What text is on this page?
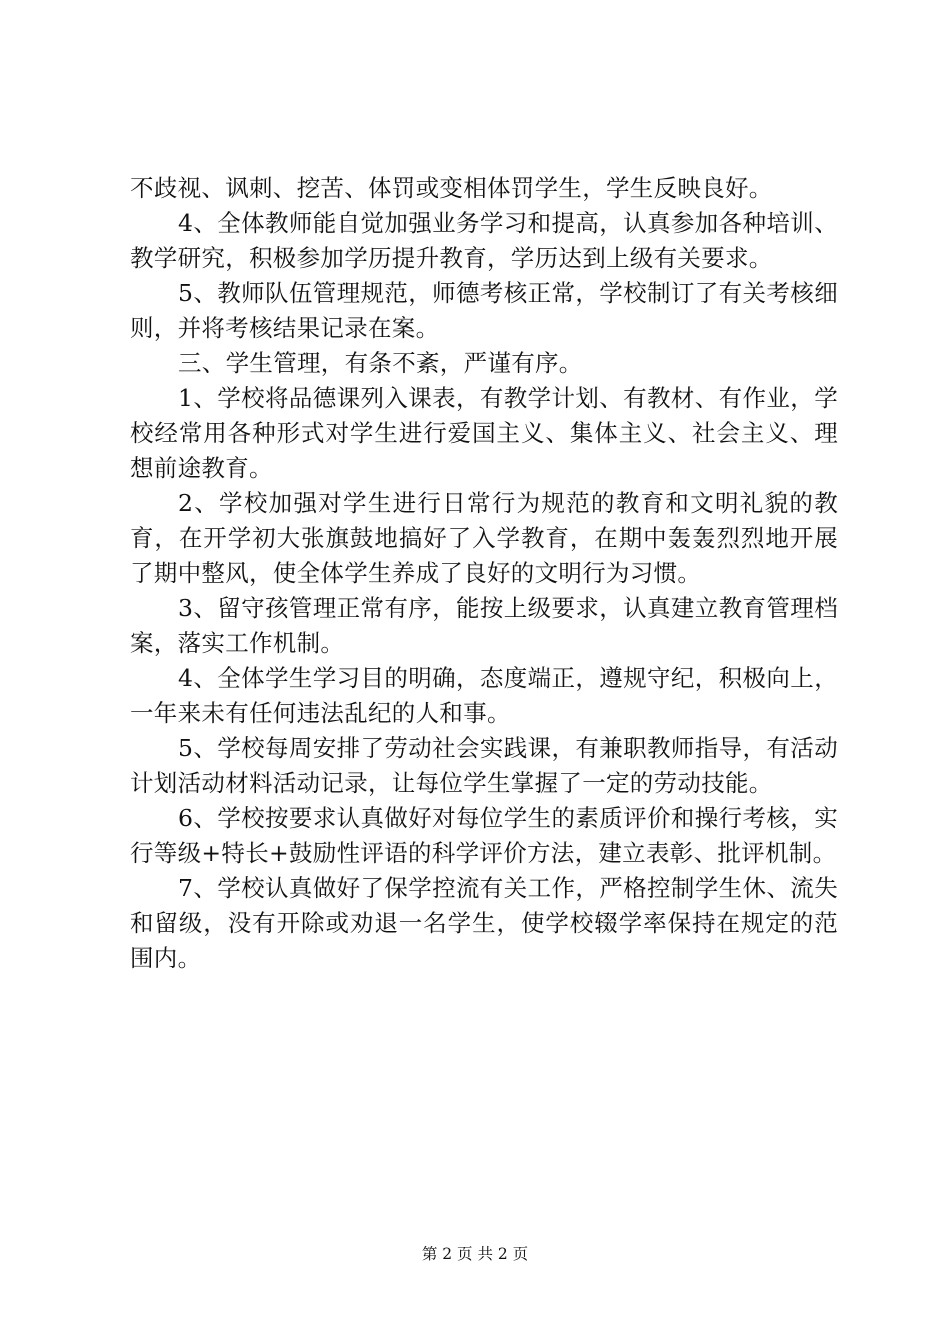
不歧视、讽刺、挖苦、体罚或变相体罚学生，学生反映良好。

4、全体教师能自觉加强业务学习和提高，认真参加各种培训、教学研究，积极参加学历提升教育，学历达到上级有关要求。

5、教师队伍管理规范，师德考核正常，学校制订了有关考核细则，并将考核结果记录在案。

三、学生管理，有条不紊，严谨有序。

1、学校将品德课列入课表，有教学计划、有教材、有作业，学校经常用各种形式对学生进行爱国主义、集体主义、社会主义、理想前途教育。

2、学校加强对学生进行日常行为规范的教育和文明礼貌的教育，在开学初大张旗鼓地搞好了入学教育，在期中轰轰烈烈地开展了期中整风，使全体学生养成了良好的文明行为习惯。

3、留守孩管理正常有序，能按上级要求，认真建立教育管理档案，落实工作机制。

4、全体学生学习目的明确，态度端正，遵规守纪，积极向上，一年来未有任何违法乱纪的人和事。

5、学校每周安排了劳动社会实践课，有兼职教师指导，有活动计划活动材料活动记录，让每位学生掌握了一定的劳动技能。

6、学校按要求认真做好对每位学生的素质评价和操行考核，实行等级+特长+鼓励性评语的科学评价方法，建立表彰、批评机制。

7、学校认真做好了保学控流有关工作，严格控制学生休、流失和留级，没有开除或劝退一名学生，使学校辍学率保持在规定的范围内。

第 2 页 共 2 页
